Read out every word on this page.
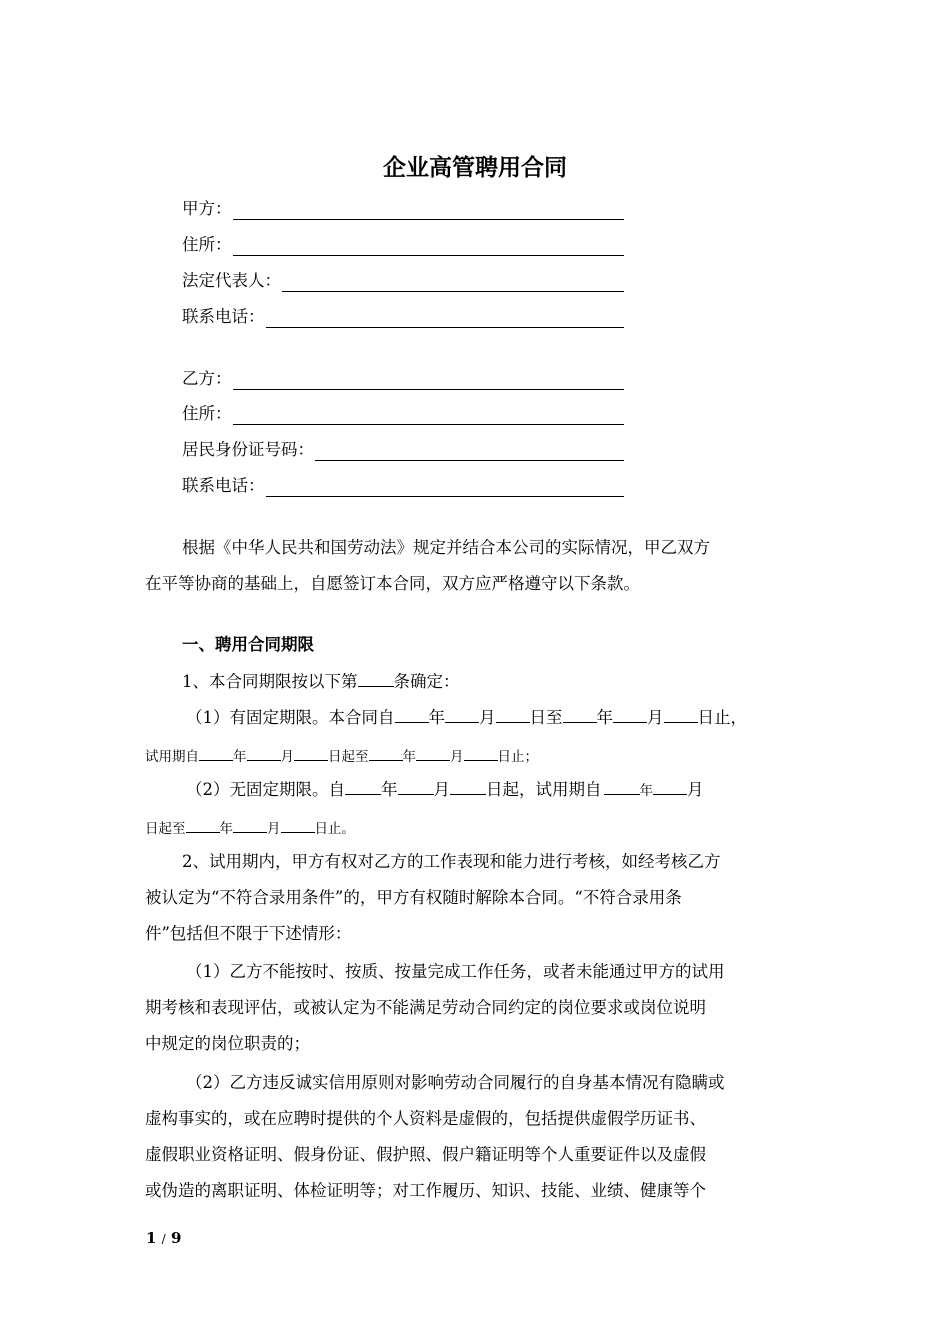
企业高管聘用合同
甲方：
住所：
法定代表人：
联系电话：
乙方：
住所：
居民身份证号码：
联系电话：
根据《中华人民共和国劳动法》规定并结合本公司的实际情况，甲乙双方
在平等协商的基础上，自愿签订本合同，双方应严格遵守以下条款。
一、聘用合同期限
1、本合同期限按以下第 条确定：
（1）有固定期限。本合同自 年 月 日至 年 月 日止，
试用期自	年	月	日起至	年	月	日止；
（2）无固定期限。自 年 月 日起，试用期自	年 月
日起至	年	月	日止。
2、试用期内，甲方有权对乙方的工作表现和能力进行考核，如经考核乙方
被认定为“不符合录用条件”的，甲方有权随时解除本合同。“不符合录用条
件”包括但不限于下述情形：
（1）乙方不能按时、按质、按量完成工作任务，或者未能通过甲方的试用
期考核和表现评估，或被认定为不能满足劳动合同约定的岗位要求或岗位说明
中规定的岗位职责的；
（2）乙方违反诚实信用原则对影响劳动合同履行的自身基本情况有隐瞒或
虚构事实的，或在应聘时提供的个人资料是虚假的，包括提供虚假学历证书、
虚假职业资格证明、假身份证、假护照、假户籍证明等个人重要证件以及虚假
或伪造的离职证明、体检证明等；对工作履历、知识、技能、业绩、健康等个
1 / 9
